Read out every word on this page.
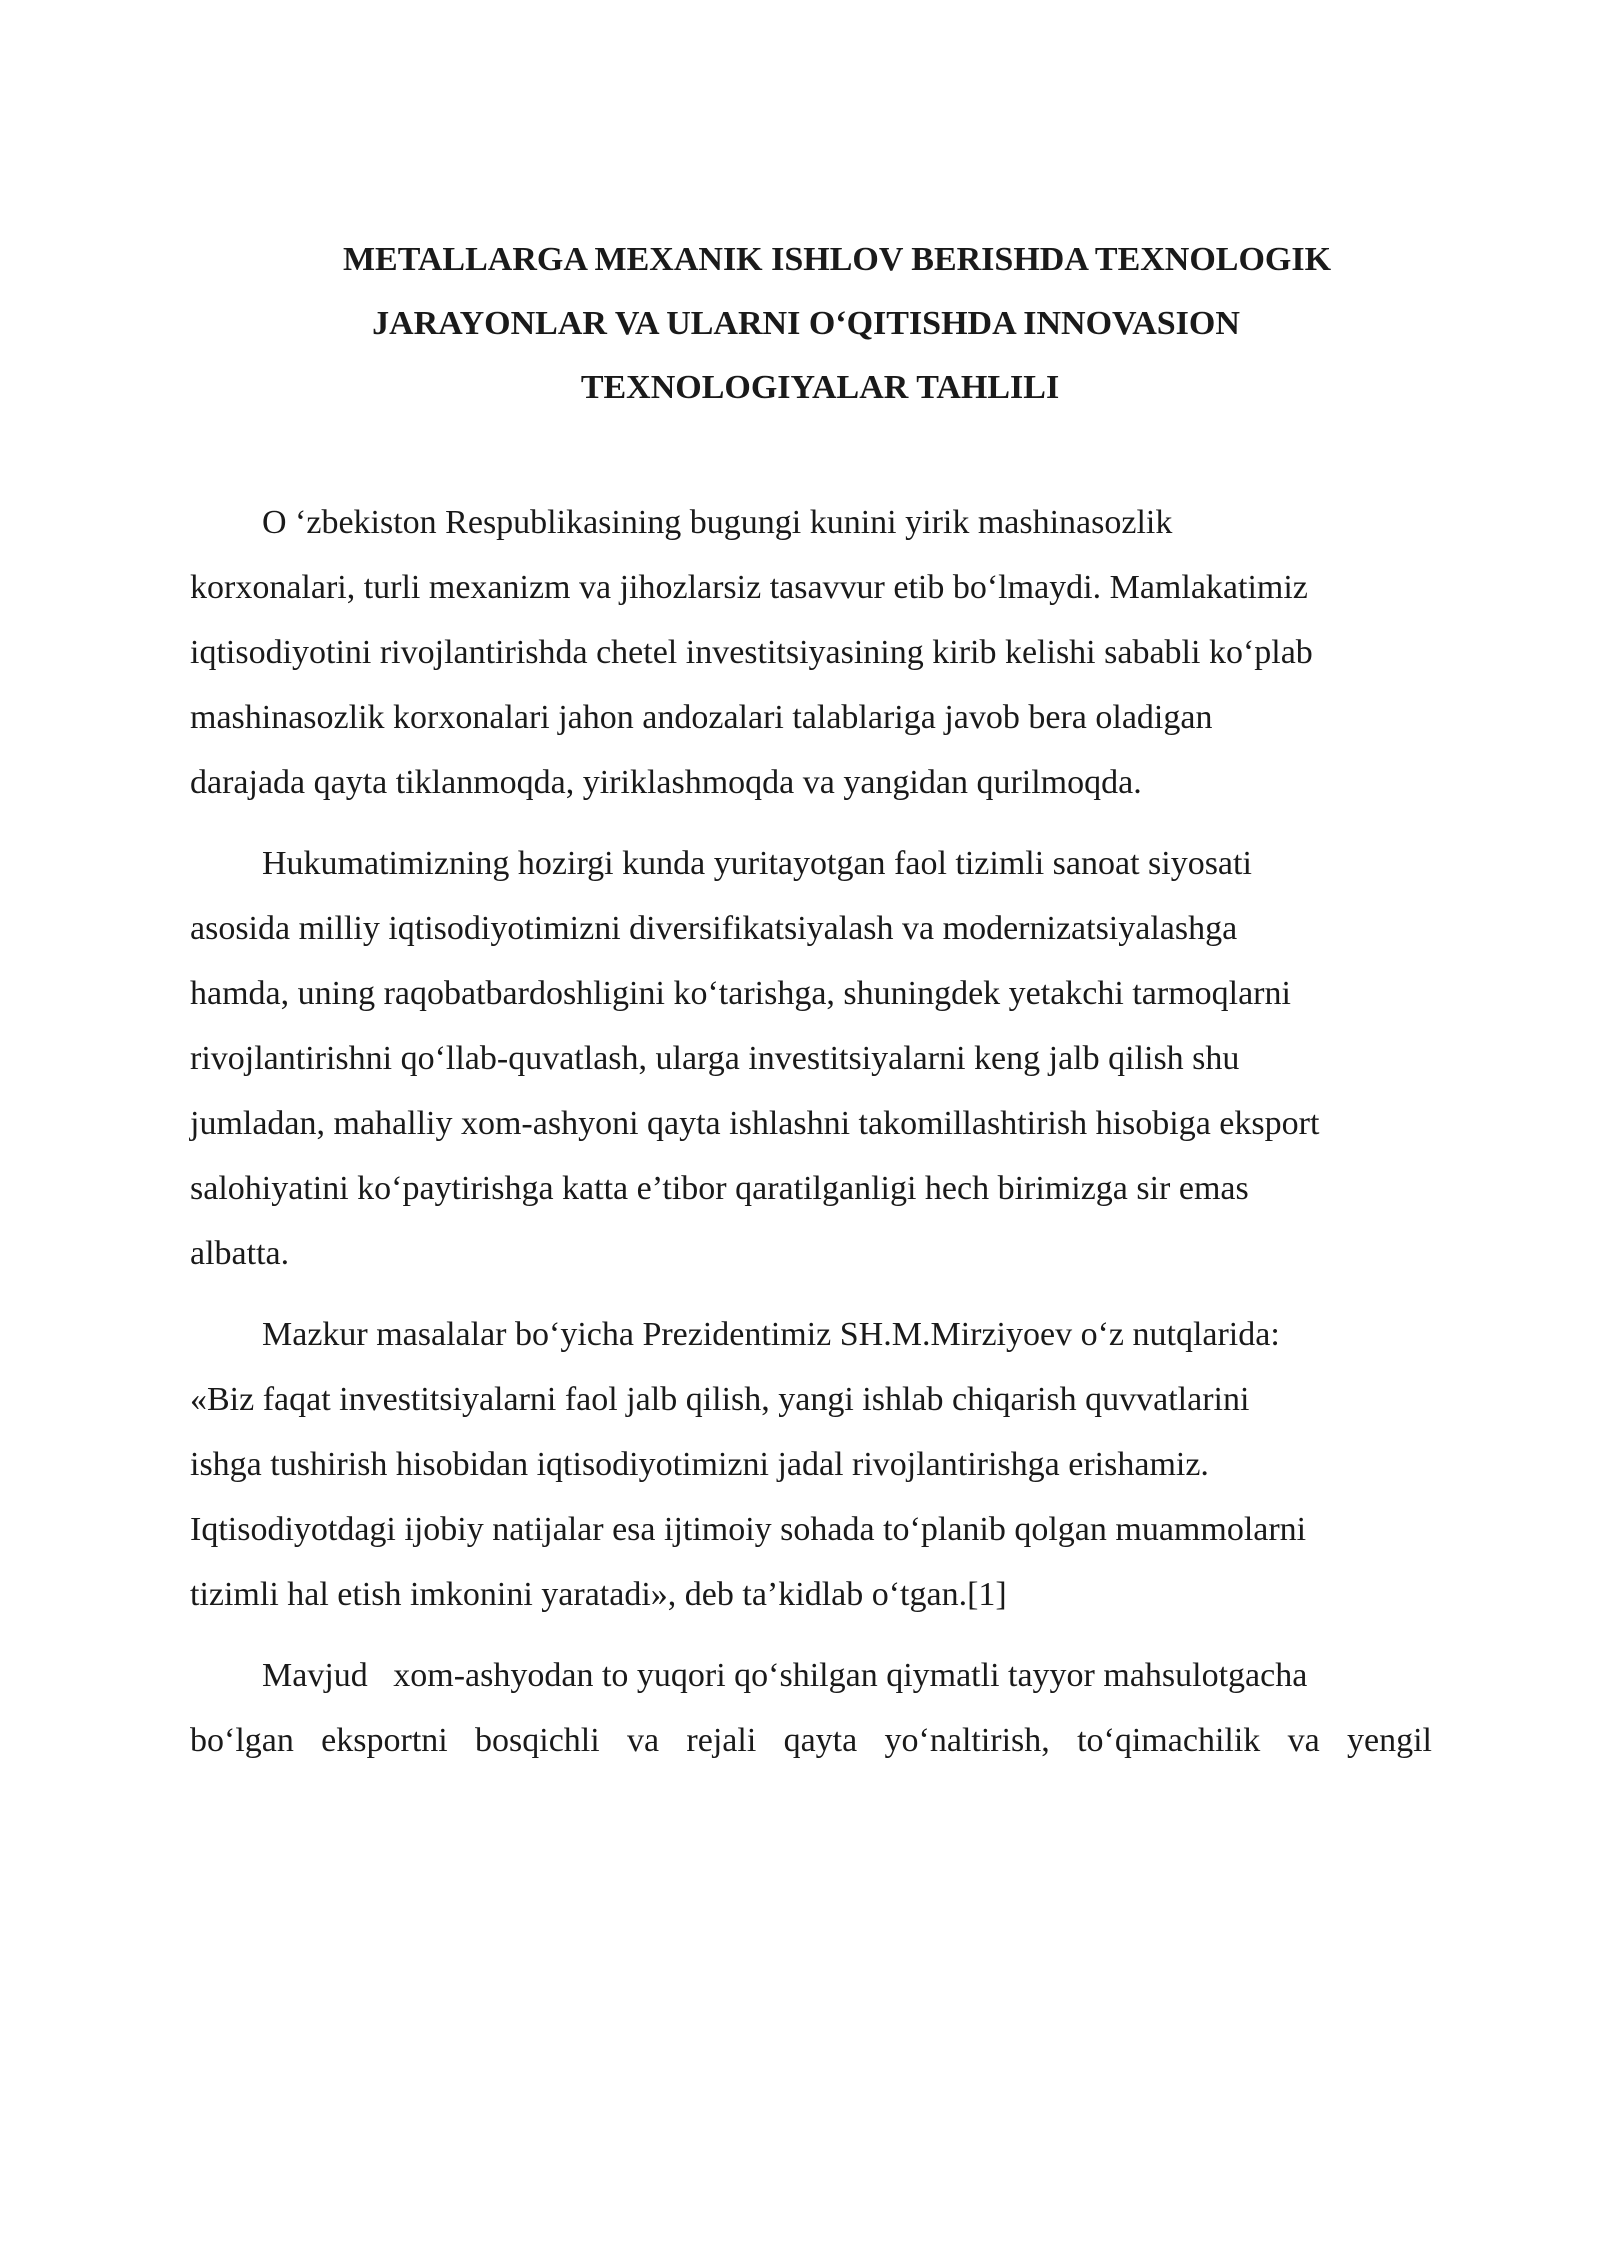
METALLARGA MEXANIK ISHLOV BERISHDA TEXNOLOGIK
JARAYONLAR VA ULARNI O‘QITISHDA INNOVASION
TEXNOLOGIYALAR TAHLILI
O ‘zbekiston Respublikasining bugungi kunini yirik mashinasozlik
korxonalari, turli mexanizm va jihozlarsiz tasavvur etib bo‘lmaydi. Mamlakatimiz
iqtisodiyotini rivojlantirishda chetel investitsiyasining kirib kelishi sababli ko‘plab
mashinasozlik korxonalari jahon andozalari talablariga javob bera oladigan
darajada qayta tiklanmoqda, yiriklashmoqda va yangidan qurilmoqda.
Hukumatimizning hozirgi kunda yuritayotgan faol tizimli sanoat siyosati
asosida milliy iqtisodiyotimizni diversifikatsiyalash va modernizatsiyalashga
hamda, uning raqobatbardoshligini ko‘tarishga, shuningdek yetakchi tarmoqlarni
rivojlantirishni qo‘llab-quvatlash, ularga investitsiyalarni keng jalb qilish shu
jumladan, mahalliy xom-ashyoni qayta ishlashni takomillashtirish hisobiga eksport
salohiyatini ko‘paytirishga katta e’tibor qaratilganligi hech birimizga sir emas
albatta.
Mazkur masalalar bo‘yicha Prezidentimiz SH.M.Mirziyoev o‘z nutqlarida:
«Biz faqat investitsiyalarni faol jalb qilish, yangi ishlab chiqarish quvvatlarini
ishga tushirish hisobidan iqtisodiyotimizni jadal rivojlantirishga erishamiz.
Iqtisodiyotdagi ijobiy natijalar esa ijtimoiy sohada to‘planib qolgan muammolarni
tizimli hal etish imkonini yaratadi», deb ta’kidlab o‘tgan.[1]
Mavjud   xom-ashyodan to yuqori qo‘shilgan qiymatli tayyor mahsulotgacha
bo‘lgan eksportni bosqichli va rejali qayta yo‘naltirish, to‘qimachilik va yengil
